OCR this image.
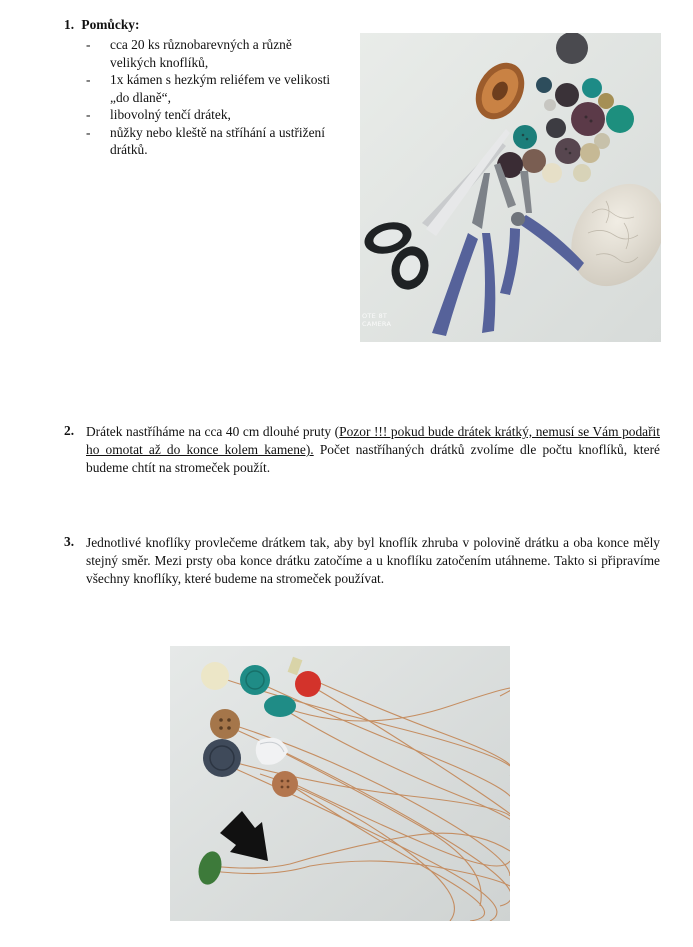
1. Pomůcky:
- cca 20 ks různobarevných a různě velikých knoflíků,
- 1x kámen s hezkým reliéfem ve velikosti „do dlaně“,
- libovolný tenčí drátek,
- nůžky nebo kleště na stříhání a ustřižení drátků.
OTE 8T
CAMERA
2. Drátek nastříháme na cca 40 cm dlouhé pruty (Pozor !!! pokud bude drátek krátký, nemusí se Vám podařit ho omotat až do konce kolem kamene). Počet nastříhaných drátků zvolíme dle počtu knoflíků, které budeme chtít na stromeček použít.
3. Jednotlivé knoflíky provlečeme drátkem tak, aby byl knoflík zhruba v polovině drátku a oba konce měly stejný směr. Mezi prsty oba konce drátku zatočíme a u knoflíku zatočením utáhneme. Takto si připravíme všechny knoflíky, které budeme na stromeček používat.
